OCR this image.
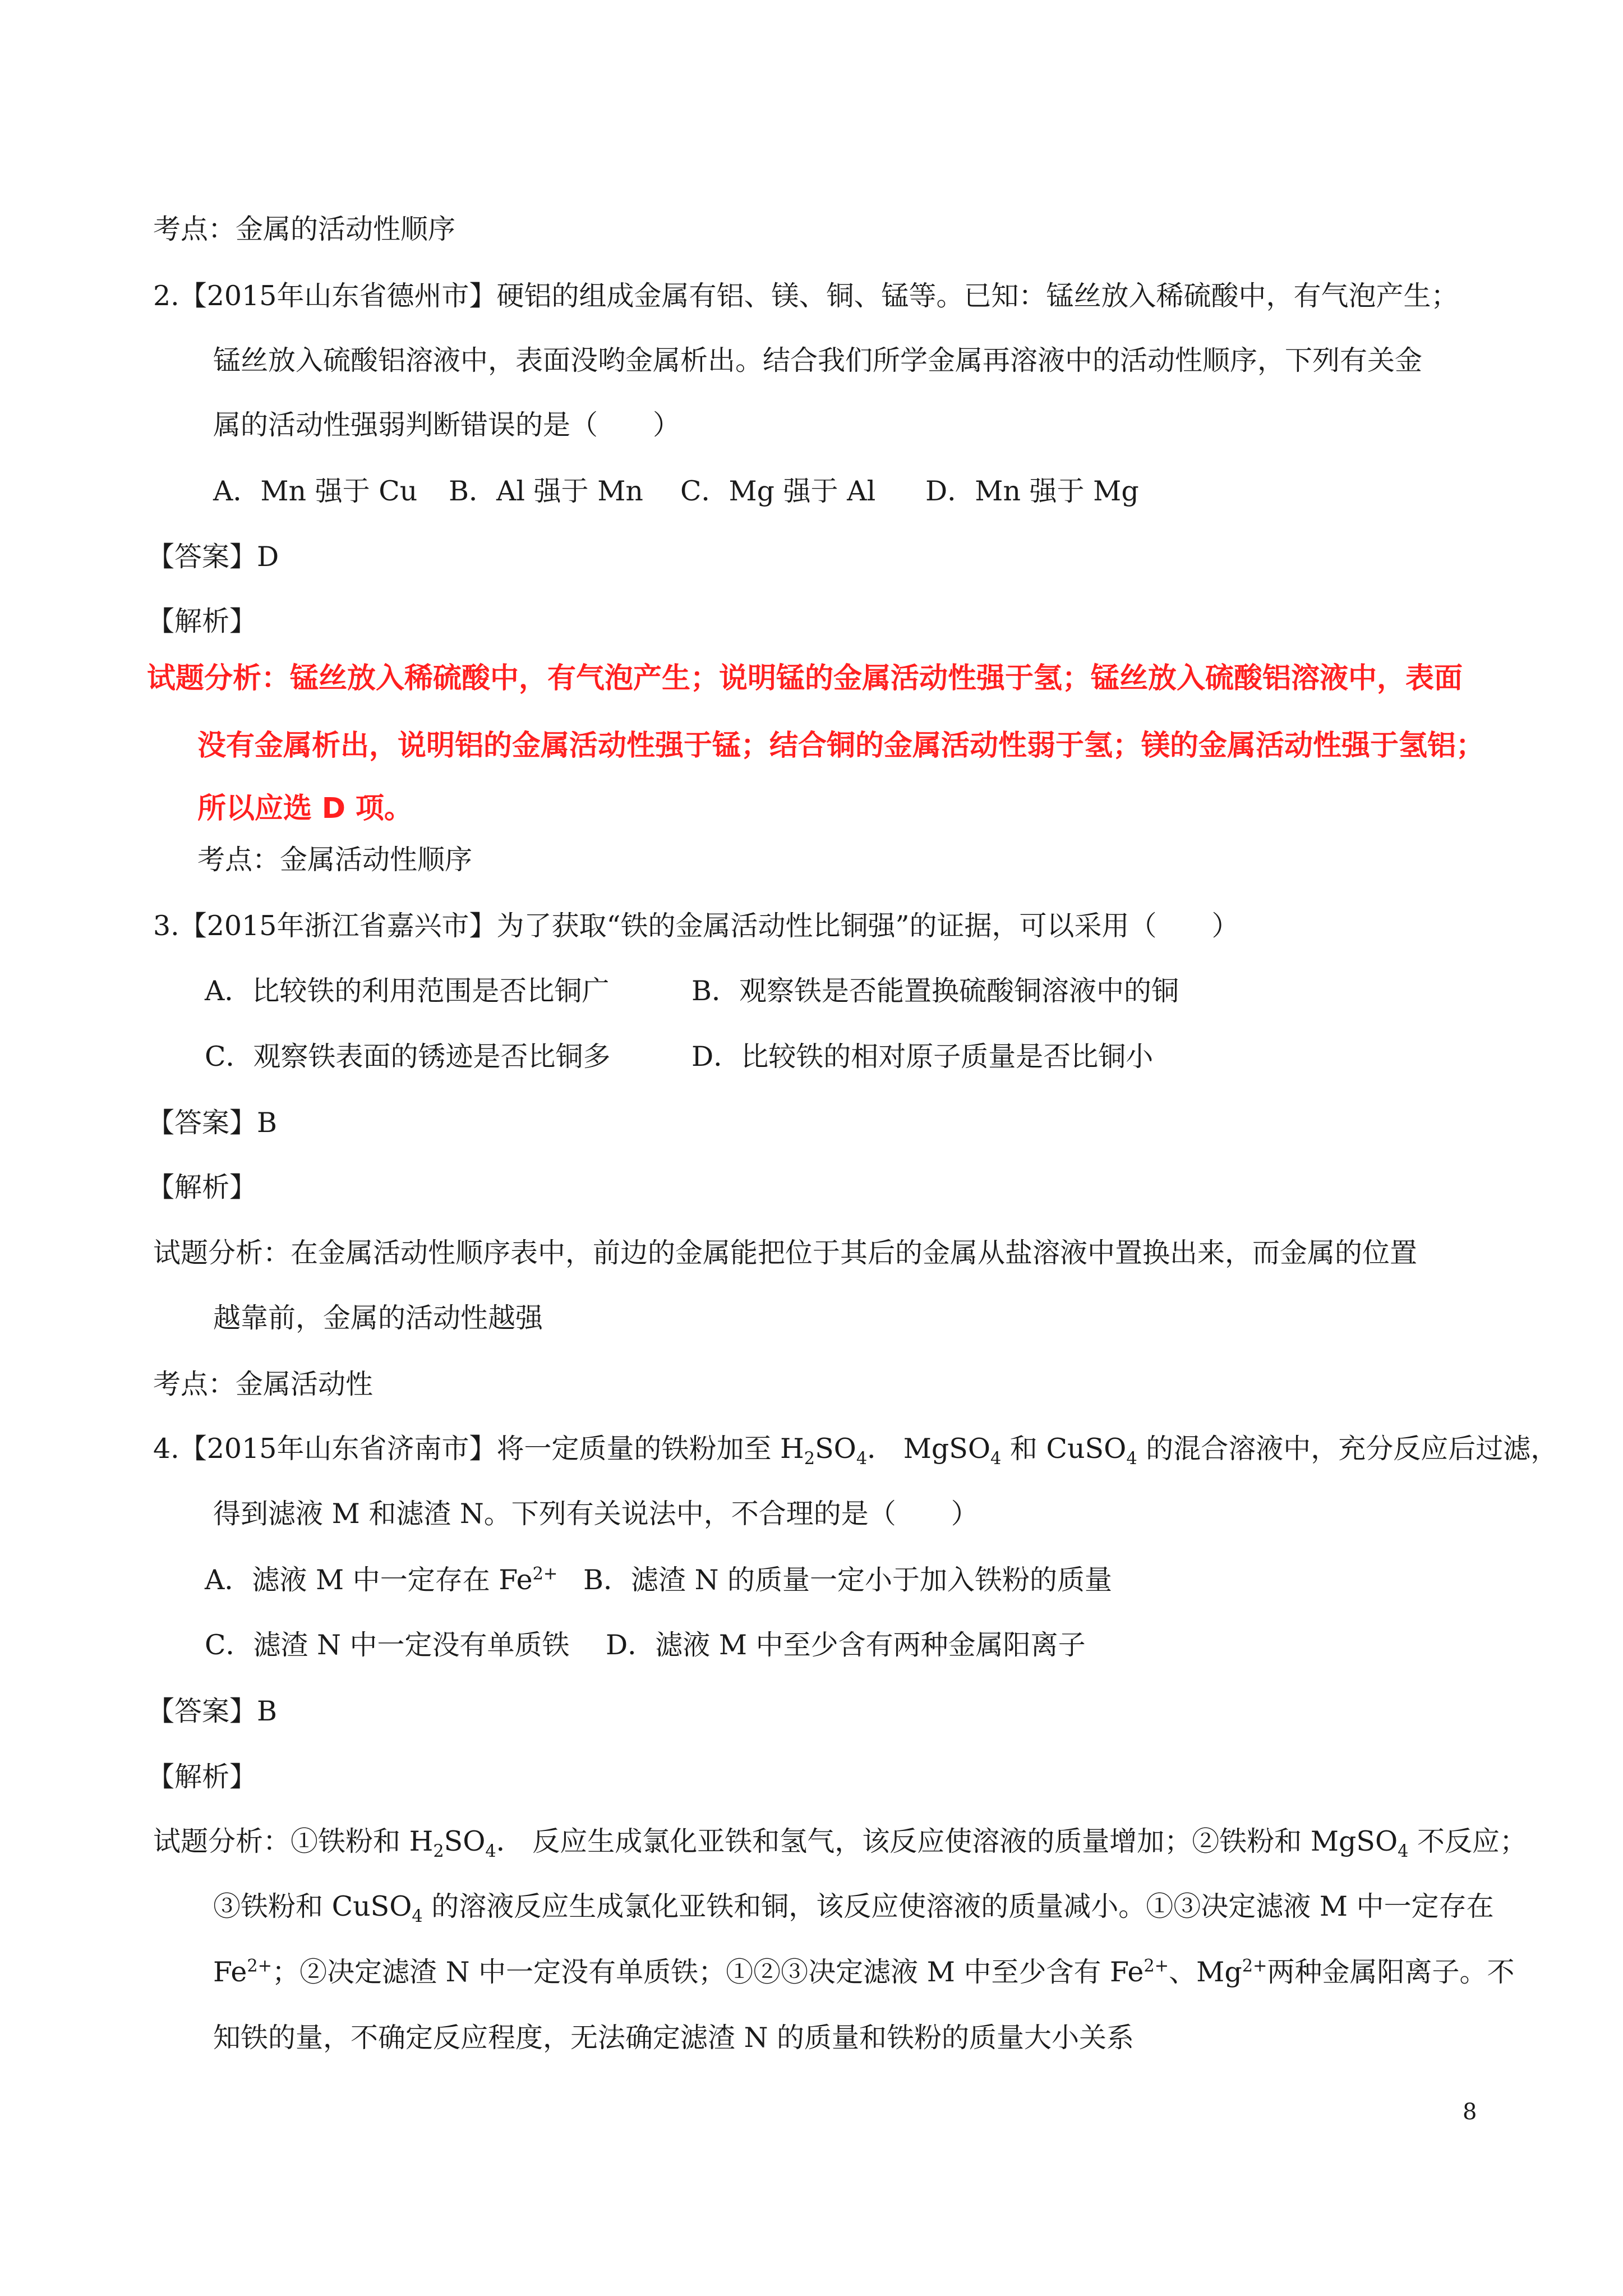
考点：金属的活动性顺序
2.【2015年山东省德州市】硬铝的组成金属有铝、镁、铜、锰等。已知：锰丝放入稀硫酸中，有气泡产生；
锰丝放入硫酸铝溶液中，表面没哟金属析出。结合我们所学金属再溶液中的活动性顺序，下列有关金
属的活动性强弱判断错误的是（　　）
A．Mn 强于 Cu B．Al 强于 Mn C．Mg 强于 Al D．Mn 强于 Mg
【答案】D
【解析】
试题分析：锰丝放入稀硫酸中，有气泡产生；说明锰的金属活动性强于氢；锰丝放入硫酸铝溶液中，表面
没有金属析出，说明铝的金属活动性强于锰；结合铜的金属活动性弱于氢；镁的金属活动性强于氢铝；
所以应选 D 项。
考点：金属活动性顺序
3.【2015年浙江省嘉兴市】为了获取“铁的金属活动性比铜强”的证据，可以采用（　　）
A．比较铁的利用范围是否比铜广	B．观察铁是否能置换硫酸铜溶液中的铜
C．观察铁表面的锈迹是否比铜多	D．比较铁的相对原子质量是否比铜小
【答案】B
【解析】
试题分析：在金属活动性顺序表中，前边的金属能把位于其后的金属从盐溶液中置换出来，而金属的位置
越靠前，金属的活动性越强
考点：金属活动性
4.【2015年山东省济南市】将一定质量的铁粉加至 $H_2SO_4$． MgSO$_4$ 和 CuSO$_4$ 的混合溶液中，充分反应后过滤，
得到滤液 M 和滤渣 N。下列有关说法中，不合理的是（　　）
A．滤液 M 中一定存在 $Fe^{2+}$ B．滤渣 N 的质量一定小于加入铁粉的质量
C．滤渣 N 中一定没有单质铁 D．滤液 M 中至少含有两种金属阳离子
【答案】B
【解析】
试题分析：①铁粉和 $H_2SO_4$． 反应生成氯化亚铁和氢气，该反应使溶液的质量增加；②铁粉和 MgSO$_4$ 不反应；
③铁粉和 CuSO$_4$ 的溶液反应生成氯化亚铁和铜，该反应使溶液的质量减小。①③决定滤液 M 中一定存在
$Fe^{2+}$；②决定滤渣 N 中一定没有单质铁；①②③决定滤液 M 中至少含有 $Fe^{2+}$、$Mg^{2+}$两种金属阳离子。不
知铁的量，不确定反应程度，无法确定滤渣 N 的质量和铁粉的质量大小关系
8
